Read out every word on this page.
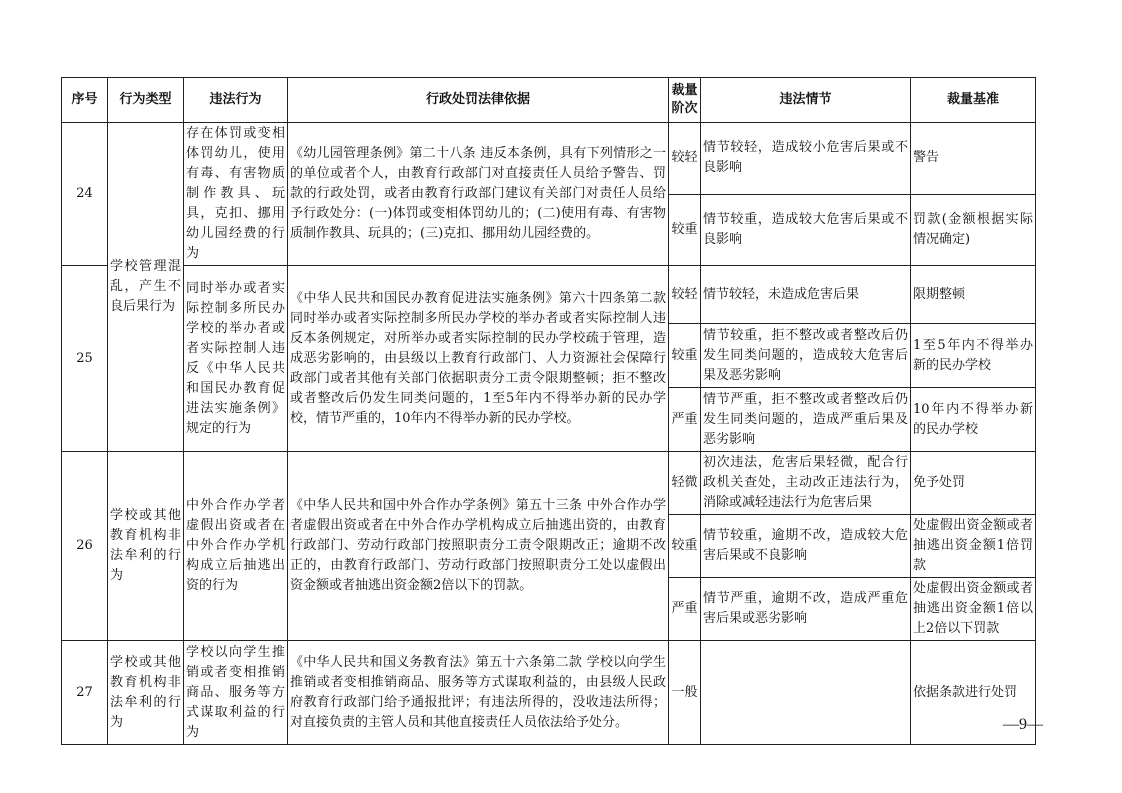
序号	行为类型	违法行为	行政处罚法律依据	裁量阶次	违法情节	裁量基准
24	学校管理混乱，产生不良后果行为	存在体罚或变相体罚幼儿，使用有毒、有害物质制作教具、玩具，克扣、挪用幼儿园经费的行为	《幼儿园管理条例》第二十八条 违反本条例，具有下列情形之一的单位或者个人，由教育行政部门对直接责任人员给予警告、罚款的行政处罚，或者由教育行政部门建议有关部门对责任人员给予行政处分：(一)体罚或变相体罚幼儿的；(二)使用有毒、有害物质制作教具、玩具的；(三)克扣、挪用幼儿园经费的。	较轻	情节较轻，造成较小危害后果或不良影响	警告
				较重	情节较重，造成较大危害后果或不良影响	罚款(金额根据实际情况确定)
25		同时举办或者实际控制多所民办学校的举办者或者实际控制人违反《中华人民共和国民办教育促进法实施条例》规定的行为	《中华人民共和国民办教育促进法实施条例》第六十四条第二款 同时举办或者实际控制多所民办学校的举办者或者实际控制人违反本条例规定，对所举办或者实际控制的民办学校疏于管理，造成恶劣影响的，由县级以上教育行政部门、人力资源社会保障行政部门或者其他有关部门依据职责分工责令限期整顿；拒不整改或者整改后仍发生同类问题的，1至5年内不得举办新的民办学校，情节严重的，10年内不得举办新的民办学校。	较轻	情节较轻，未造成危害后果	限期整顿
				较重	情节较重，拒不整改或者整改后仍发生同类问题的，造成较大危害后果及恶劣影响	1至5年内不得举办新的民办学校
				严重	情节严重，拒不整改或者整改后仍发生同类问题的，造成严重后果及恶劣影响	10年内不得举办新的民办学校
26	学校或其他教育机构非法牟利的行为	中外合作办学者虚假出资或者在中外合作办学机构成立后抽逃出资的行为	《中华人民共和国中外合作办学条例》第五十三条 中外合作办学者虚假出资或者在中外合作办学机构成立后抽逃出资的，由教育行政部门、劳动行政部门按照职责分工责令限期改正；逾期不改正的，由教育行政部门、劳动行政部门按照职责分工处以虚假出资金额或者抽逃出资金额2倍以下的罚款。	轻微	初次违法，危害后果轻微，配合行政机关查处，主动改正违法行为，消除或减轻违法行为危害后果	免予处罚
				较重	情节较重，逾期不改，造成较大危害后果或不良影响	处虚假出资金额或者抽逃出资金额1倍罚款
				严重	情节严重，逾期不改，造成严重危害后果或恶劣影响	处虚假出资金额或者抽逃出资金额1倍以上2倍以下罚款
27	学校或其他教育机构非法牟利的行为	学校以向学生推销或者变相推销商品、服务等方式谋取利益的行为	《中华人民共和国义务教育法》第五十六条第二款 学校以向学生推销或者变相推销商品、服务等方式谋取利益的，由县级人民政府教育行政部门给予通报批评；有违法所得的，没收违法所得；对直接负责的主管人员和其他直接责任人员依法给予处分。	一般		依据条款进行处罚
—9—
